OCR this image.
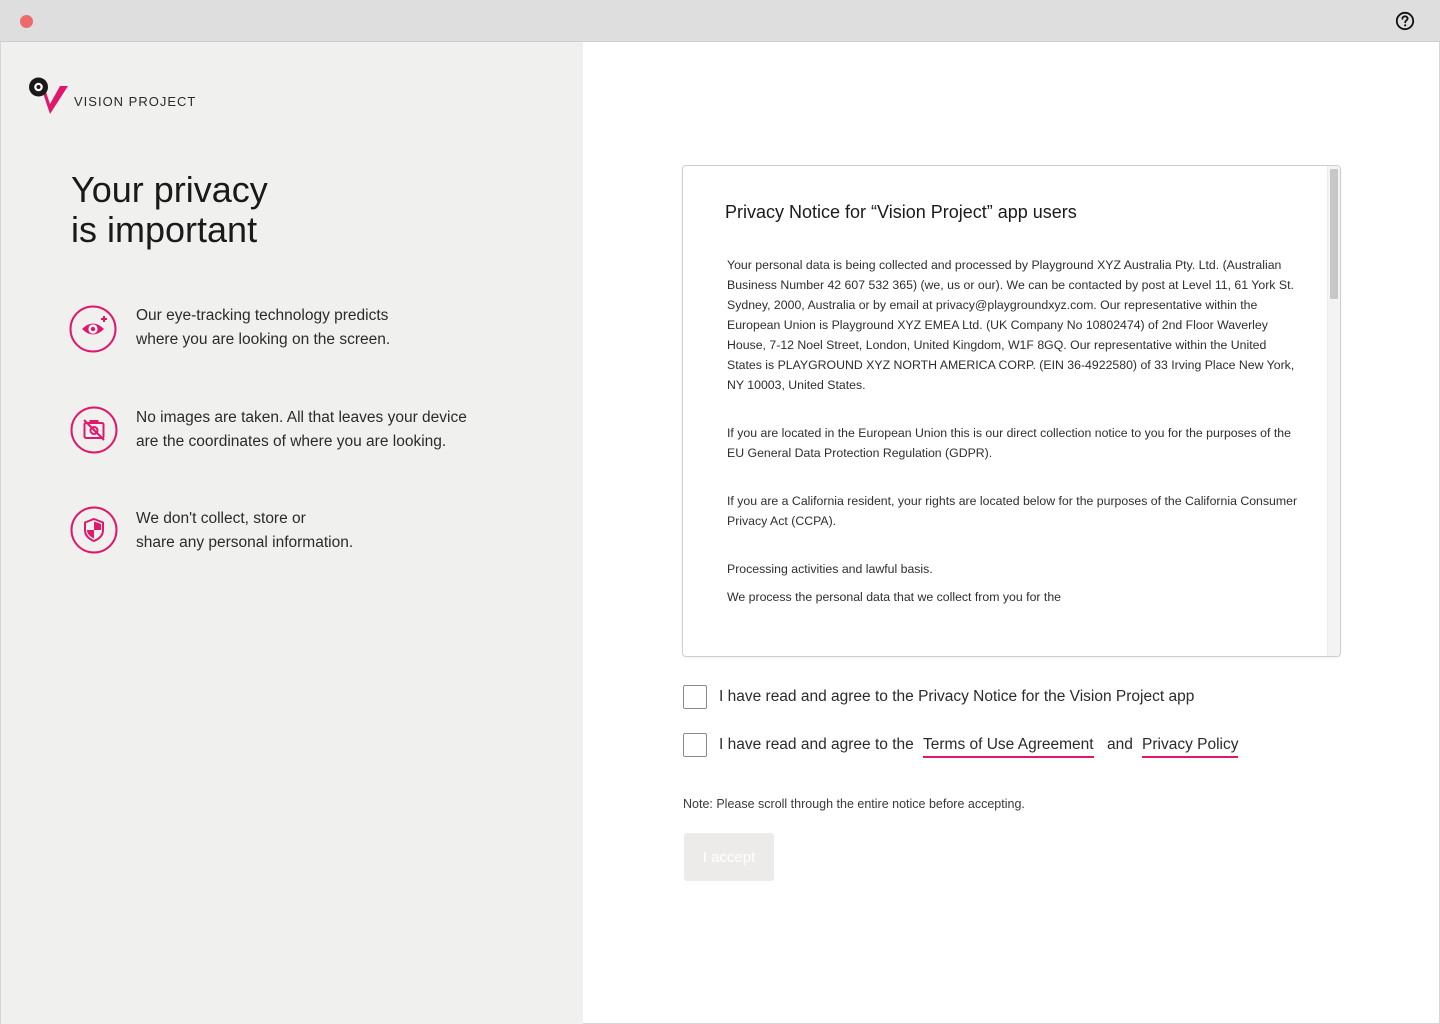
VISION PROJECT
Your privacy
is important
Our eye-tracking technology predicts
where you are looking on the screen.
No images are taken. All that leaves your device
are the coordinates of where you are looking.
We don't collect, store or
share any personal information.
Privacy Notice for “Vision Project” app users

Your personal data is being collected and processed by Playground XYZ Australia Pty. Ltd. (Australian Business Number 42 607 532 365) (we, us or our). We can be contacted by post at Level 11, 61 York St. Sydney, 2000, Australia or by email at privacy@playgroundxyz.com. Our representative within the European Union is Playground XYZ EMEA Ltd. (UK Company No 10802474) of 2nd Floor Waverley House, 7-12 Noel Street, London, United Kingdom, W1F 8GQ. Our representative within the United States is PLAYGROUND XYZ NORTH AMERICA CORP. (EIN 36-4922580) of 33 Irving Place New York, NY 10003, United States.

If you are located in the European Union this is our direct collection notice to you for the purposes of the EU General Data Protection Regulation (GDPR).

If you are a California resident, your rights are located below for the purposes of the California Consumer Privacy Act (CCPA).

Processing activities and lawful basis.

We process the personal data that we collect from you for the

I have read and agree to the Privacy Notice for the Vision Project app
I have read and agree to the Terms of Use Agreement and Privacy Policy
Note: Please scroll through the entire notice before accepting.
I accept
